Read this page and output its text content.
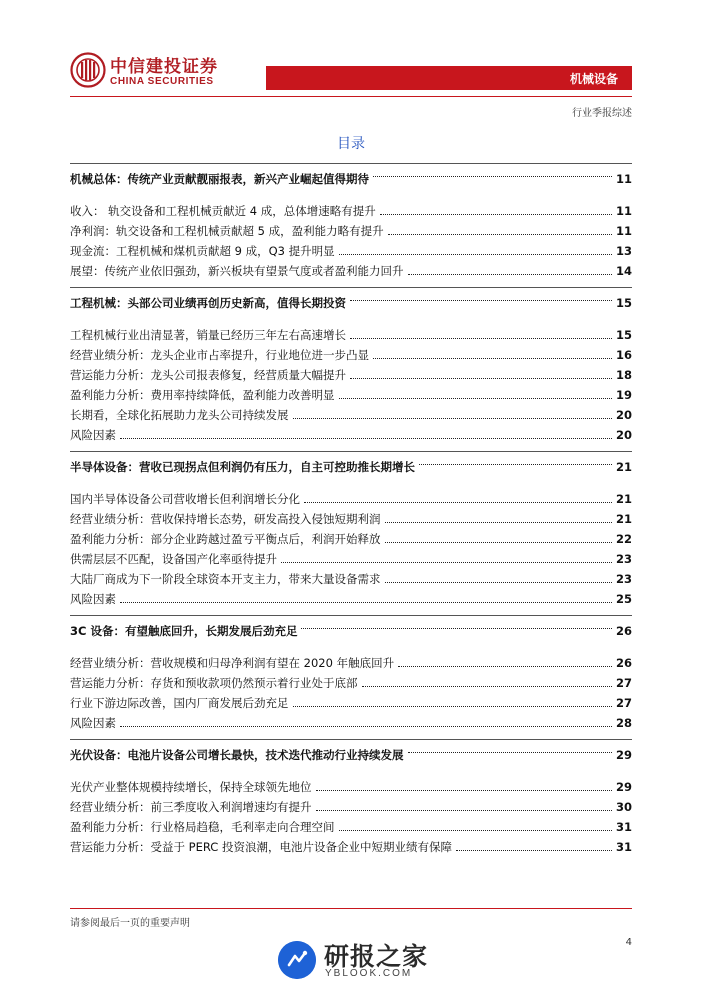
中信建投证券
CHINA SECURITIES	机械设备
行业季报综述
目录
机械总体：传统产业贡献靓丽报表，新兴产业崛起值得期待	11
收入： 轨交设备和工程机械贡献近 4 成，总体增速略有提升	11
净利润：轨交设备和工程机械贡献超 5 成，盈利能力略有提升	11
现金流：工程机械和煤机贡献超 9 成，Q3 提升明显	13
展望：传统产业依旧强劲，新兴板块有望景气度或者盈利能力回升	14
工程机械：头部公司业绩再创历史新高，值得长期投资	15
工程机械行业出清显著，销量已经历三年左右高速增长	15
经营业绩分析：龙头企业市占率提升，行业地位进一步凸显	16
营运能力分析：龙头公司报表修复，经营质量大幅提升	18
盈利能力分析：费用率持续降低，盈利能力改善明显	19
长期看，全球化拓展助力龙头公司持续发展	20
风险因素	20
半导体设备：营收已现拐点但利润仍有压力，自主可控助推长期增长	21
国内半导体设备公司营收增长但利润增长分化	21
经营业绩分析：营收保持增长态势，研发高投入侵蚀短期利润	21
盈利能力分析：部分企业跨越过盈亏平衡点后，利润开始释放	22
供需层层不匹配，设备国产化率亟待提升	23
大陆厂商成为下一阶段全球资本开支主力，带来大量设备需求	23
风险因素	25
3C 设备：有望触底回升，长期发展后劲充足	26
经营业绩分析：营收规模和归母净利润有望在 2020 年触底回升	26
营运能力分析：存货和预收款项仍然预示着行业处于底部	27
行业下游边际改善，国内厂商发展后劲充足	27
风险因素	28
光伏设备：电池片设备公司增长最快，技术迭代推动行业持续发展	29
光伏产业整体规模持续增长，保持全球领先地位	29
经营业绩分析：前三季度收入利润增速均有提升	30
盈利能力分析：行业格局趋稳，毛利率走向合理空间	31
营运能力分析：受益于 PERC 投资浪潮，电池片设备企业中短期业绩有保障	31
请参阅最后一页的重要声明
4
研报之家
YBLOOK.COM
